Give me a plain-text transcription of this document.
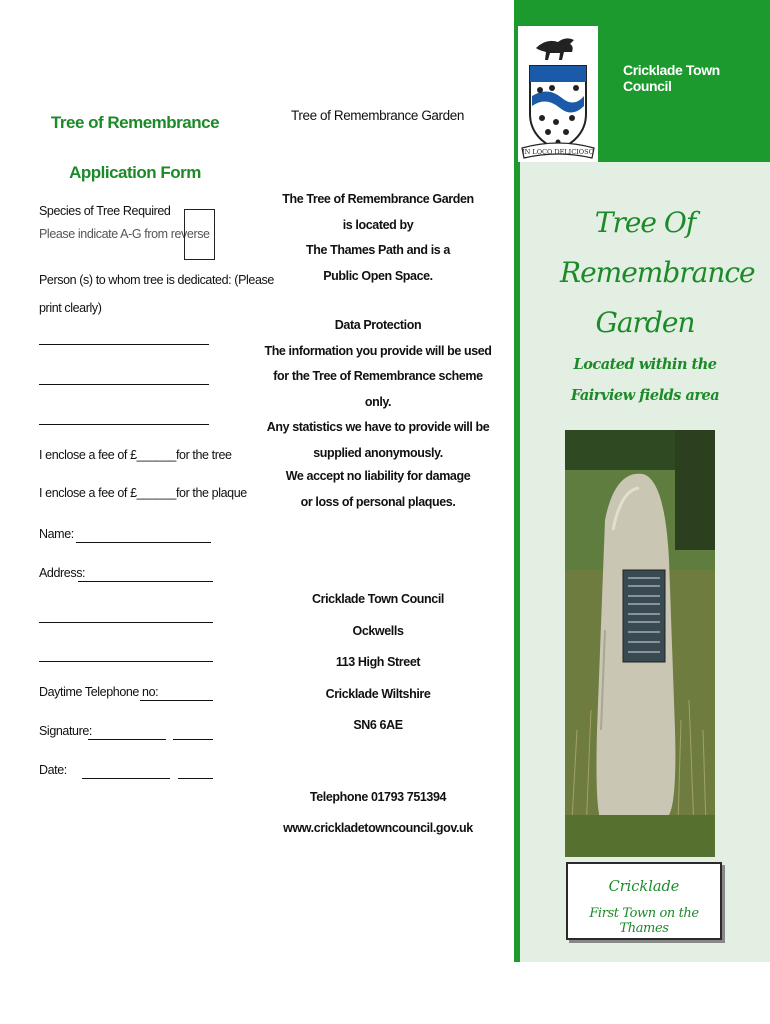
Tree of Remembrance
Application Form
Species of Tree Required
Please indicate A-G from reverse
Person (s) to whom tree is dedicated: (Please
print clearly)
I enclose a fee of £______for the tree
I enclose a fee of £______for the plaque
Name:
Address:
Daytime Telephone no:
Signature:
Date:
Tree of Remembrance Garden
The Tree of Remembrance Garden
is located by
The Thames Path and is a
Public Open Space.
Data Protection
The information you provide will be used
for the Tree of Remembrance scheme only.
Any statistics we have to provide will be
supplied anonymously.
We accept no liability for damage
or loss of personal plaques.
Cricklade Town Council
Ockwells
113 High Street
Cricklade Wiltshire
SN6 6AE
Telephone 01793 751394
www.crickladetowncouncil.gov.uk
IN LOCO DELICIOSO
Cricklade Town Council
Tree Of
Remembrance
Garden
Located within the
Fairview fields area
Cricklade
First Town on the Thames
